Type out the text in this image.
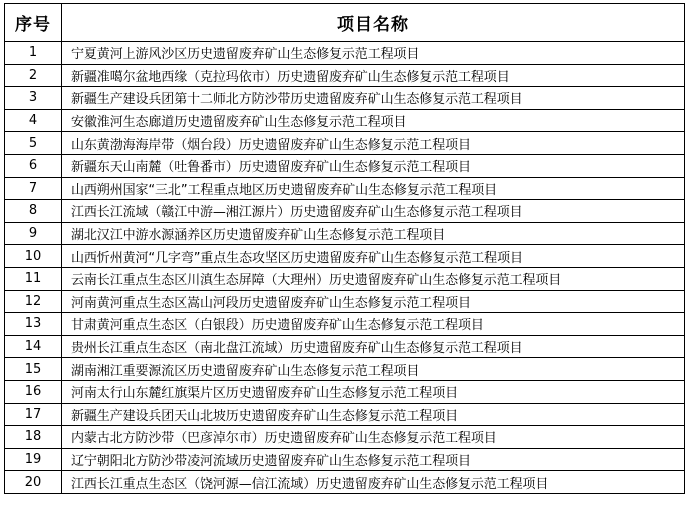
序号	项目名称
1	宁夏黄河上游风沙区历史遗留废弃矿山生态修复示范工程项目
2	新疆准噶尔盆地西缘（克拉玛依市）历史遗留废弃矿山生态修复示范工程项目
3	新疆生产建设兵团第十二师北方防沙带历史遗留废弃矿山生态修复示范工程项目
4	安徽淮河生态廊道历史遗留废弃矿山生态修复示范工程项目
5	山东黄渤海海岸带（烟台段）历史遗留废弃矿山生态修复示范工程项目
6	新疆东天山南麓（吐鲁番市）历史遗留废弃矿山生态修复示范工程项目
7	山西朔州国家“三北”工程重点地区历史遗留废弃矿山生态修复示范工程项目
8	江西长江流域（赣江中游—湘江源片）历史遗留废弃矿山生态修复示范工程项目
9	湖北汉江中游水源涵养区历史遗留废弃矿山生态修复示范工程项目
10	山西忻州黄河“几字弯”重点生态攻坚区历史遗留废弃矿山生态修复示范工程项目
11	云南长江重点生态区川滇生态屏障（大理州）历史遗留废弃矿山生态修复示范工程项目
12	河南黄河重点生态区嵩山河段历史遗留废弃矿山生态修复示范工程项目
13	甘肃黄河重点生态区（白银段）历史遗留废弃矿山生态修复示范工程项目
14	贵州长江重点生态区（南北盘江流域）历史遗留废弃矿山生态修复示范工程项目
15	湖南湘江重要源流区历史遗留废弃矿山生态修复示范工程项目
16	河南太行山东麓红旗渠片区历史遗留废弃矿山生态修复示范工程项目
17	新疆生产建设兵团天山北坡历史遗留废弃矿山生态修复示范工程项目
18	内蒙古北方防沙带（巴彦淖尔市）历史遗留废弃矿山生态修复示范工程项目
19	辽宁朝阳北方防沙带凌河流域历史遗留废弃矿山生态修复示范工程项目
20	江西长江重点生态区（饶河源—信江流域）历史遗留废弃矿山生态修复示范工程项目
